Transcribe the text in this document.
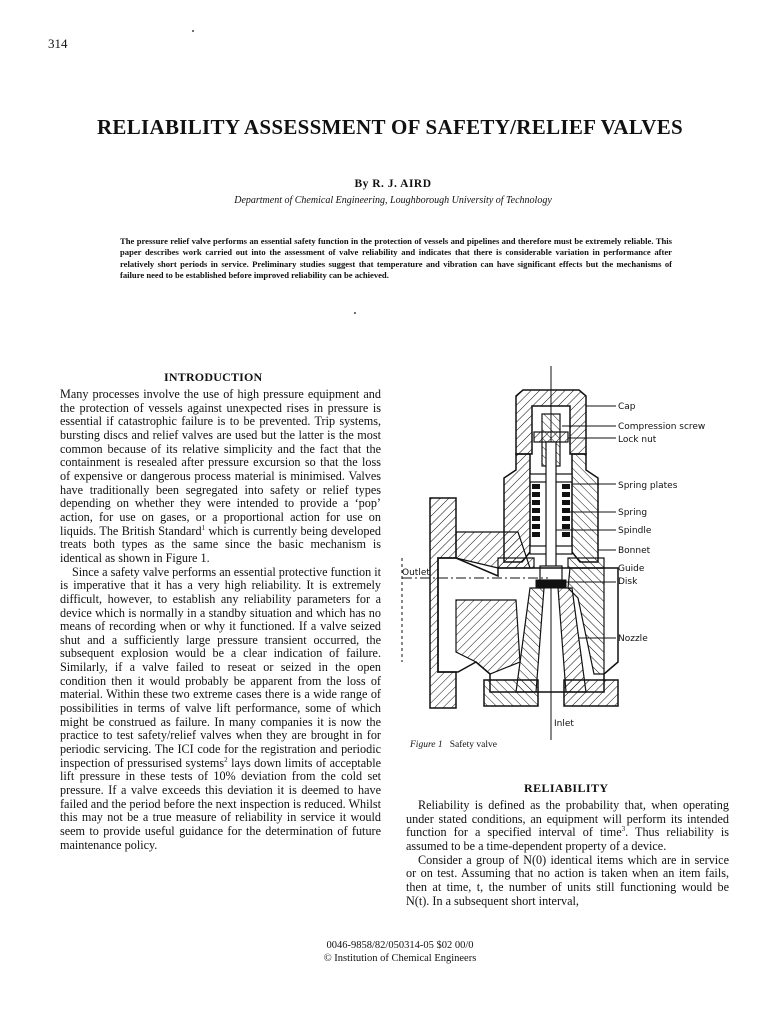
314
RELIABILITY ASSESSMENT OF SAFETY/RELIEF VALVES
By R. J. AIRD
Department of Chemical Engineering, Loughborough University of Technology

The pressure relief valve performs an essential safety function in the protection of vessels and pipelines and therefore must be extremely reliable. This paper describes work carried out into the assessment of valve reliability and indicates that there is considerable variation in performance after relatively short periods in service. Preliminary studies suggest that temperature and vibration can have significant effects but the mechanisms of failure need to be established before improved reliability can be achieved.

INTRODUCTION

Many processes involve the use of high pressure equipment and the protection of vessels against unexpected rises in pressure is essential if catastrophic failure is to be prevented. Trip systems, bursting discs and relief valves are used but the latter is the most common because of its relative simplicity and the fact that the containment is resealed after pressure excursion so that the loss of expensive or dangerous process material is minimised. Valves have traditionally been segregated into safety or relief types depending on whether they were intended to provide a ‘pop’ action, for use on gases, or a proportional action for use on liquids. The British Standard$^1$ which is currently being developed treats both types as the same since the basic mechanism is identical as shown in Figure 1.

Since a safety valve performs an essential protective function it is imperative that it has a very high reliability. It is extremely difficult, however, to establish any reliability parameters for a device which is normally in a standby situation and which has no means of recording when or why it functioned. If a valve seized shut and a sufficiently large pressure transient occurred, the subsequent explosion would be a clear indication of failure. Similarly, if a valve failed to reseat or seized in the open condition then it would probably be apparent from the loss of material. Within these two extreme cases there is a wide range of possibilities in terms of valve lift performance, some of which might be construed as failure. In many companies it is now the practice to test safety/relief valves when they are brought in for periodic servicing. The ICI code for the registration and periodic inspection of pressurised systems$^2$ lays down limits of acceptable lift pressure in these tests of 10% deviation from the cold set pressure. If a valve exceeds this deviation it is deemed to have failed and the period before the next inspection is reduced. Whilst this may not be a true measure of reliability in service it would seem to provide useful guidance for the determination of future maintenance policy.

Cap
Compression screw
Lock nut
Spring plates
Spring
Spindle
Bonnet
Guide
Disk
Nozzle
Outlet
Inlet
Figure 1 Safety valve
RELIABILITY

Reliability is defined as the probability that, when operating under stated conditions, an equipment will perform its intended function for a specified interval of time$^3$. Thus reliability is assumed to be a time-dependent property of a device.

Consider a group of N(0) identical items which are in service or on test. Assuming that no action is taken when an item fails, then at time, t, the number of units still functioning would be N(t). In a subsequent short interval,

0046-9858/82/050314-05 $02 00/0
© Institution of Chemical Engineers
